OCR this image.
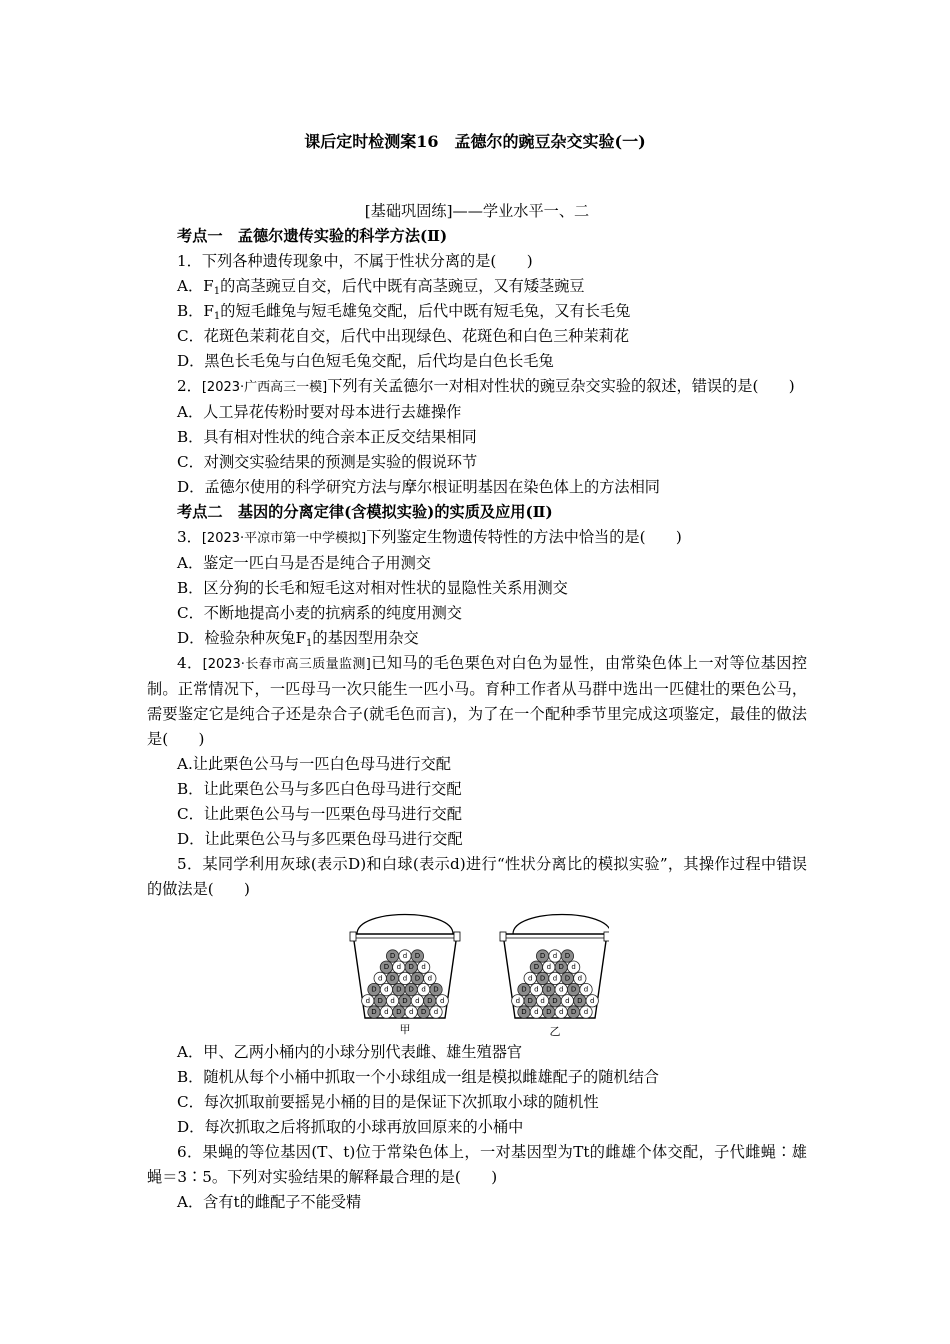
课后定时检测案16　孟德尔的豌豆杂交实验(一)
[基础巩固练]——学业水平一、二
考点一　孟德尔遗传实验的科学方法(Ⅱ)
1．下列各种遗传现象中，不属于性状分离的是(　　)
A．$F_1$的高茎豌豆自交，后代中既有高茎豌豆，又有矮茎豌豆
B．$F_1$的短毛雌兔与短毛雄兔交配，后代中既有短毛兔，又有长毛兔
C．花斑色茉莉花自交，后代中出现绿色、花斑色和白色三种茉莉花
D．黑色长毛兔与白色短毛兔交配，后代均是白色长毛兔
2．[2023·广西高三一模]下列有关孟德尔一对相对性状的豌豆杂交实验的叙述，错误的是(　　)
A．人工异花传粉时要对母本进行去雄操作
B．具有相对性状的纯合亲本正反交结果相同
C．对测交实验结果的预测是实验的假说环节
D．孟德尔使用的科学研究方法与摩尔根证明基因在染色体上的方法相同
考点二　基因的分离定律(含模拟实验)的实质及应用(Ⅱ)
3．[2023·平凉市第一中学模拟]下列鉴定生物遗传特性的方法中恰当的是(　　)
A．鉴定一匹白马是否是纯合子用测交
B．区分狗的长毛和短毛这对相对性状的显隐性关系用测交
C．不断地提高小麦的抗病系的纯度用测交
D．检验杂种灰兔$F_1$的基因型用杂交
4．[2023·长春市高三质量监测]已知马的毛色栗色对白色为显性，由常染色体上一对等位基因控制。正常情况下，一匹母马一次只能生一匹小马。育种工作者从马群中选出一匹健壮的栗色公马，需要鉴定它是纯合子还是杂合子(就毛色而言)，为了在一个配种季节里完成这项鉴定，最佳的做法是(　　)
A.让此栗色公马与一匹白色母马进行交配
B．让此栗色公马与多匹白色母马进行交配
C．让此栗色公马与一匹栗色母马进行交配
D．让此栗色公马与多匹栗色母马进行交配
5．某同学利用灰球(表示D)和白球(表示d)进行“性状分离比的模拟实验”，其操作过程中错误的做法是(　　)
D d D d D d
d D d D d D d
D d D D d D
d D d D d
D d D d
D d D
甲
D d D d D d
d D d D d D d
D d D d D d
d D d D d
D d D d
D d D
乙
A．甲、乙两小桶内的小球分别代表雌、雄生殖器官
B．随机从每个小桶中抓取一个小球组成一组是模拟雌雄配子的随机结合
C．每次抓取前要摇晃小桶的目的是保证下次抓取小球的随机性
D．每次抓取之后将抓取的小球再放回原来的小桶中
6．果蝇的等位基因(T、t)位于常染色体上，一对基因型为Tt的雌雄个体交配，子代雌蝇∶雄蝇＝3∶5。下列对实验结果的解释最合理的是(　　)
A．含有t的雌配子不能受精
